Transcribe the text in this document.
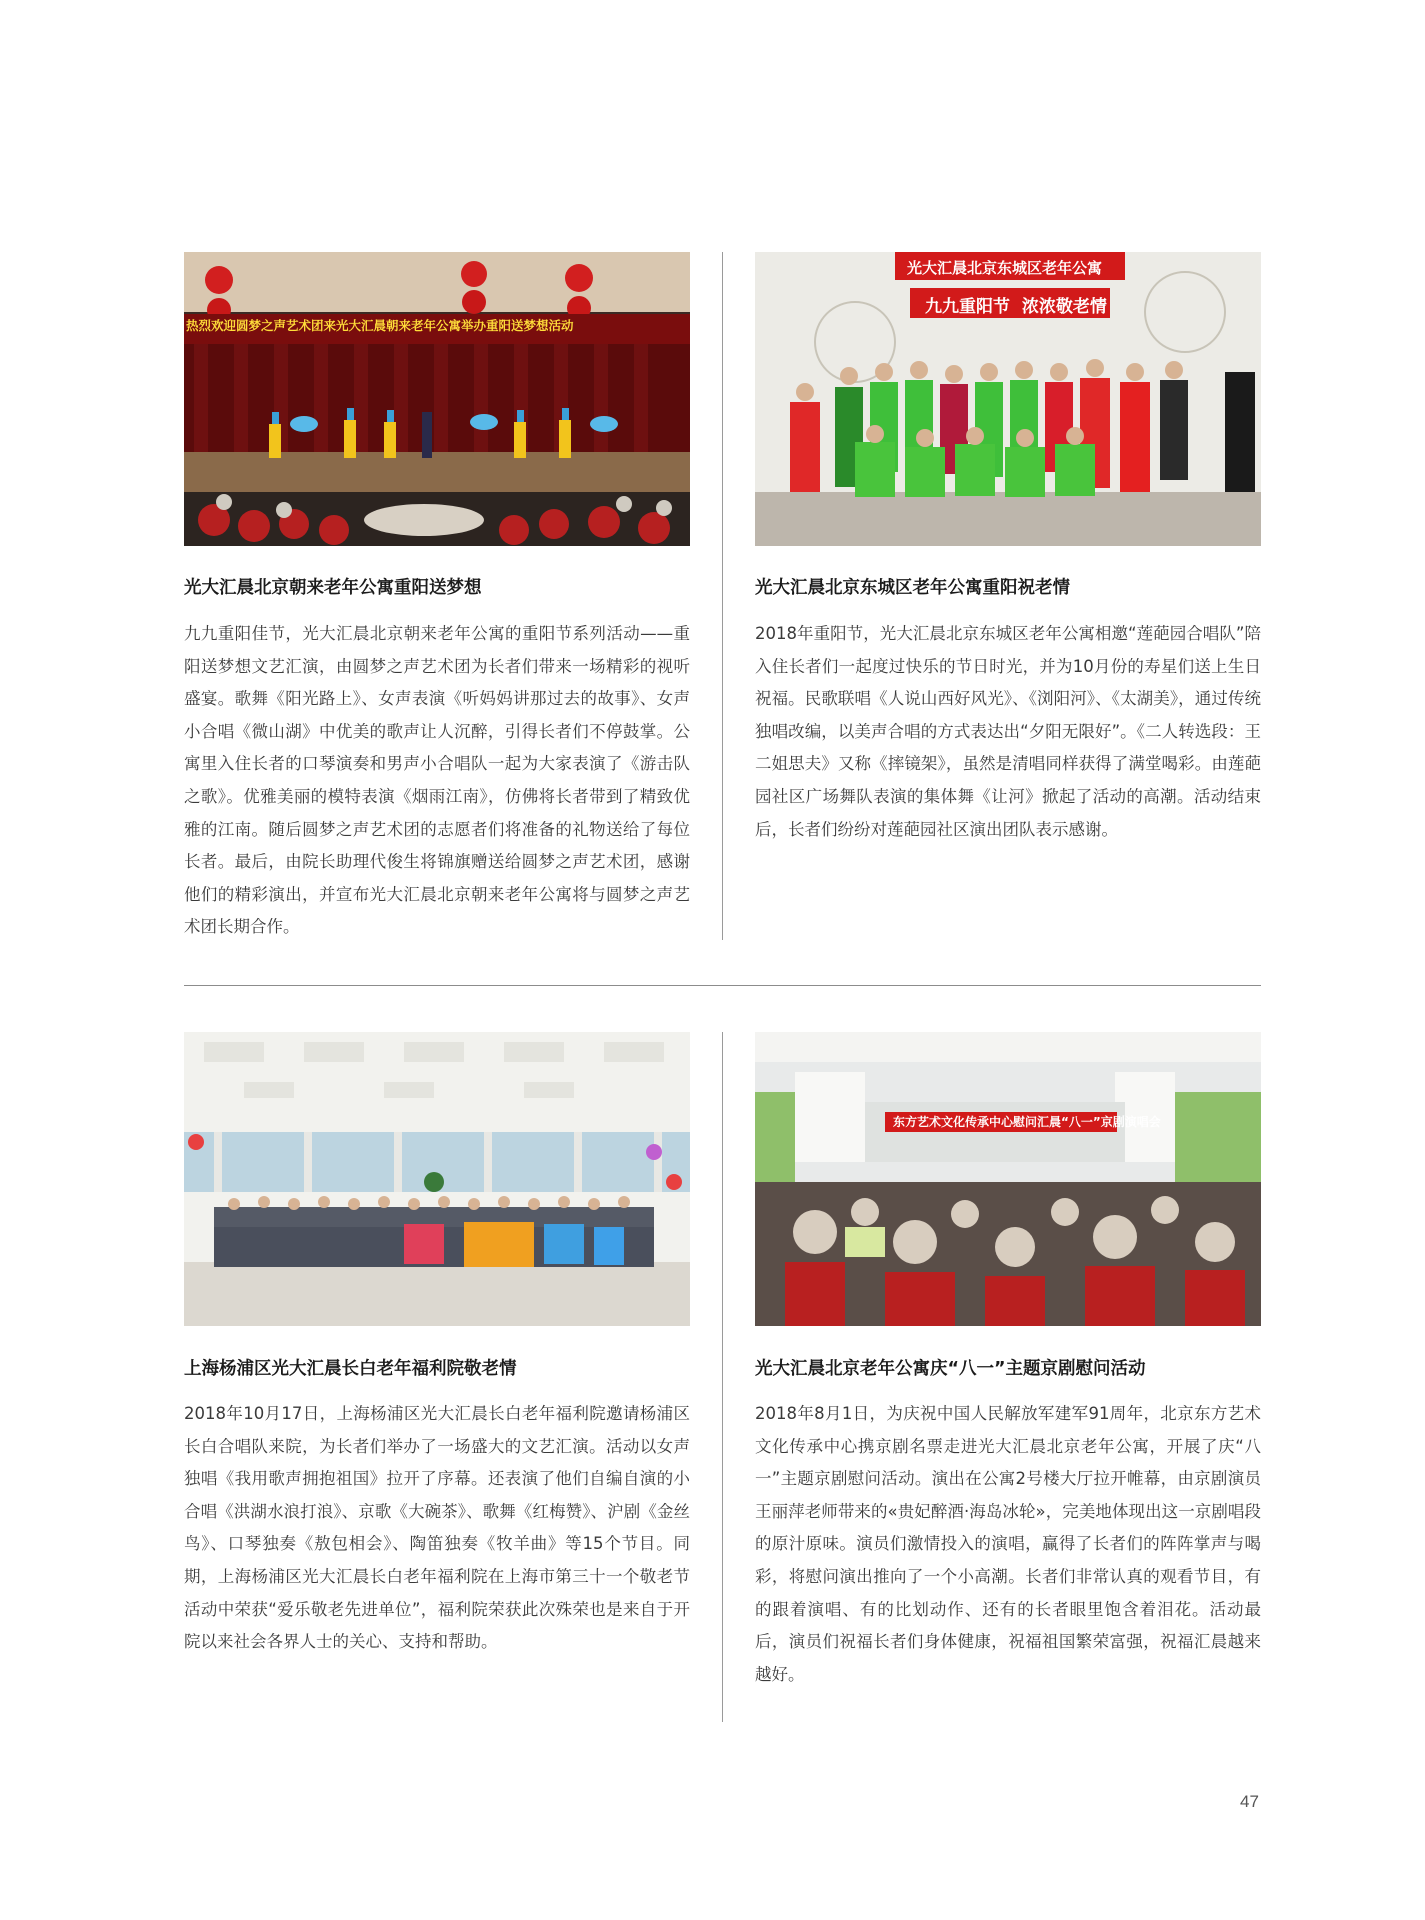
热烈欢迎圆梦之声艺术团来光大汇晨朝来老年公寓举办重阳送梦想活动
光大汇晨北京东城区老年公寓
九九重阳节  浓浓敬老情
光大汇晨北京朝来老年公寓重阳送梦想
九九重阳佳节，光大汇晨北京朝来老年公寓的重阳节系列活动——重阳送梦想文艺汇演，由圆梦之声艺术团为长者们带来一场精彩的视听盛宴。歌舞《阳光路上》、女声表演《听妈妈讲那过去的故事》、女声小合唱《微山湖》中优美的歌声让人沉醉，引得长者们不停鼓掌。公寓里入住长者的口琴演奏和男声小合唱队一起为大家表演了《游击队之歌》。优雅美丽的模特表演《烟雨江南》，仿佛将长者带到了精致优雅的江南。随后圆梦之声艺术团的志愿者们将准备的礼物送给了每位长者。最后，由院长助理代俊生将锦旗赠送给圆梦之声艺术团，感谢他们的精彩演出，并宣布光大汇晨北京朝来老年公寓将与圆梦之声艺术团长期合作。
光大汇晨北京东城区老年公寓重阳祝老情
2018年重阳节，光大汇晨北京东城区老年公寓相邀“莲葩园合唱队”陪入住长者们一起度过快乐的节日时光，并为10月份的寿星们送上生日祝福。民歌联唱《人说山西好风光》、《浏阳河》、《太湖美》，通过传统独唱改编，以美声合唱的方式表达出“夕阳无限好”。《二人转选段：王二姐思夫》又称《摔镜架》，虽然是清唱同样获得了满堂喝彩。由莲葩园社区广场舞队表演的集体舞《让河》掀起了活动的高潮。活动结束后，长者们纷纷对莲葩园社区演出团队表示感谢。
东方艺术文化传承中心慰问汇晨“八一”京剧演唱会
上海杨浦区光大汇晨长白老年福利院敬老情
2018年10月17日，上海杨浦区光大汇晨长白老年福利院邀请杨浦区长白合唱队来院，为长者们举办了一场盛大的文艺汇演。活动以女声独唱《我用歌声拥抱祖国》拉开了序幕。还表演了他们自编自演的小合唱《洪湖水浪打浪》、京歌《大碗茶》、歌舞《红梅赞》、沪剧《金丝鸟》、口琴独奏《敖包相会》、陶笛独奏《牧羊曲》等15个节目。同期，上海杨浦区光大汇晨长白老年福利院在上海市第三十一个敬老节活动中荣获“爱乐敬老先进单位”，福利院荣获此次殊荣也是来自于开院以来社会各界人士的关心、支持和帮助。
光大汇晨北京老年公寓庆“八一”主题京剧慰问活动
2018年8月1日，为庆祝中国人民解放军建军91周年，北京东方艺术文化传承中心携京剧名票走进光大汇晨北京老年公寓，开展了庆“八一”主题京剧慰问活动。演出在公寓2号楼大厅拉开帷幕，由京剧演员王丽萍老师带来的«贵妃醉酒·海岛冰轮»，完美地体现出这一京剧唱段的原汁原味。演员们激情投入的演唱，赢得了长者们的阵阵掌声与喝彩，将慰问演出推向了一个小高潮。长者们非常认真的观看节目，有的跟着演唱、有的比划动作、还有的长者眼里饱含着泪花。活动最后，演员们祝福长者们身体健康，祝福祖国繁荣富强，祝福汇晨越来越好。
47
